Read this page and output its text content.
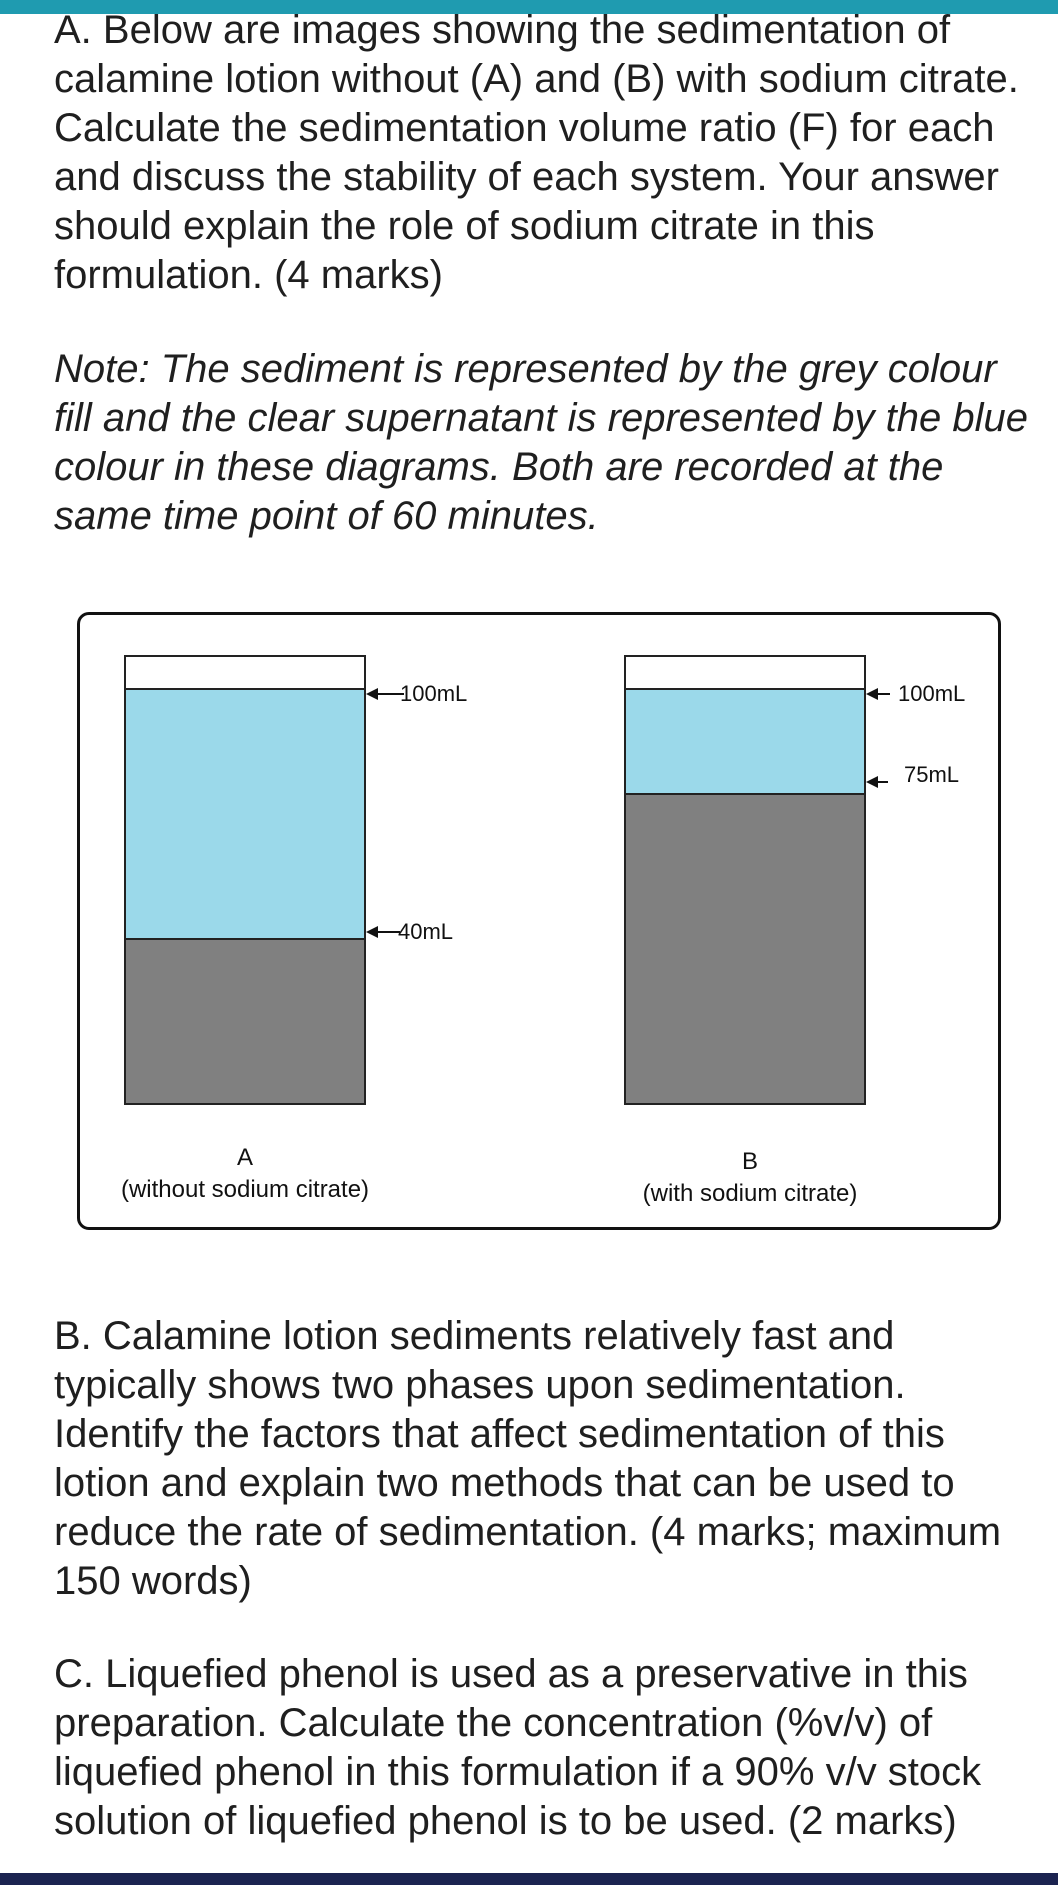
A. Below are images showing the sedimentation of calamine lotion without (A) and (B) with sodium citrate. Calculate the sedimentation volume ratio (F) for each and discuss the stability of each system. Your answer should explain the role of sodium citrate in this formulation. (4 marks)

Note: The sediment is represented by the grey colour fill and the clear supernatant is represented by the blue colour in these diagrams. Both are recorded at the same time point of 60 minutes.

100mL
40mL
A
(without sodium citrate)
100mL
75mL
B
(with sodium citrate)

B. Calamine lotion sediments relatively fast and typically shows two phases upon sedimentation. Identify the factors that affect sedimentation of this lotion and explain two methods that can be used to reduce the rate of sedimentation. (4 marks; maximum 150 words)

C. Liquefied phenol is used as a preservative in this preparation. Calculate the concentration (%v/v) of liquefied phenol in this formulation if a 90% v/v stock solution of liquefied phenol is to be used. (2 marks)
